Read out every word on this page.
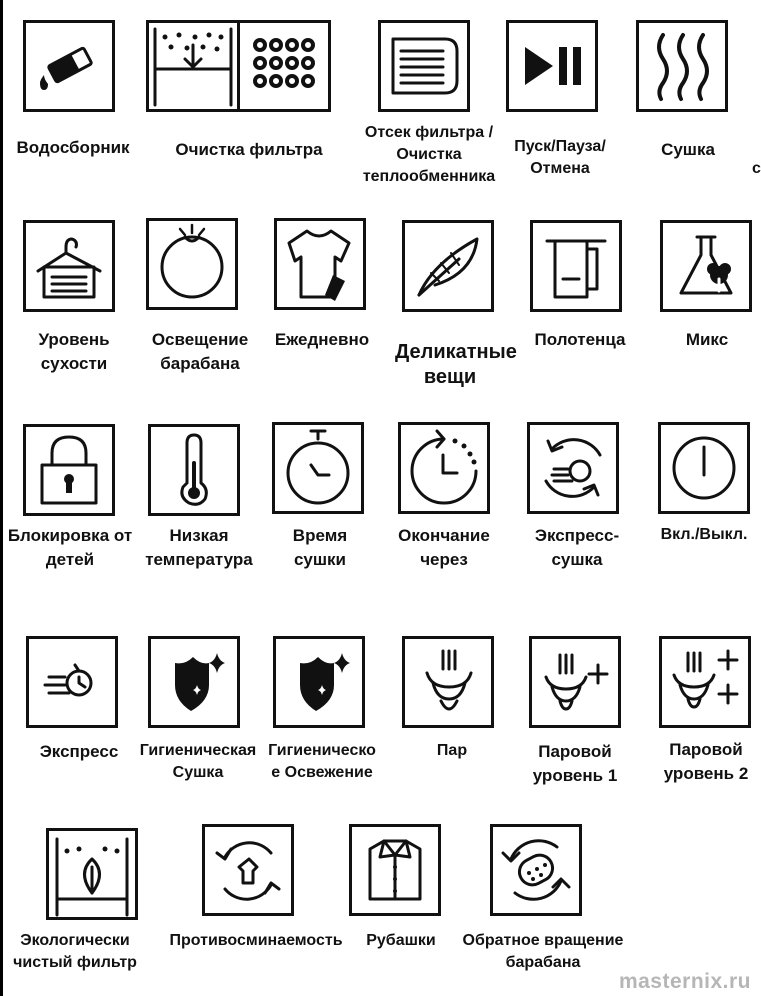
Водосборник	Очистка фильтра
Отсек фильтра /Очистка теплообменника
Пуск/Пауза/ Отмена
Сушка
с
Уровень сухости
Освещение барабана
Ежедневно
Деликатные вещи
Полотенца	Микс
Блокировка от детей
Низкая температура
Время сушки
Окончание через
Экспресс-сушка
Вкл./Выкл.
Экспресс Гигиеническая Сушка
Гигиеническое Освежение
Пар	Паровой уровень 1
Паровой уровень 2
Экологически чистый фильтр
Противосминаемость Рубашки	Обратное вращение барабана
masternix.ru
